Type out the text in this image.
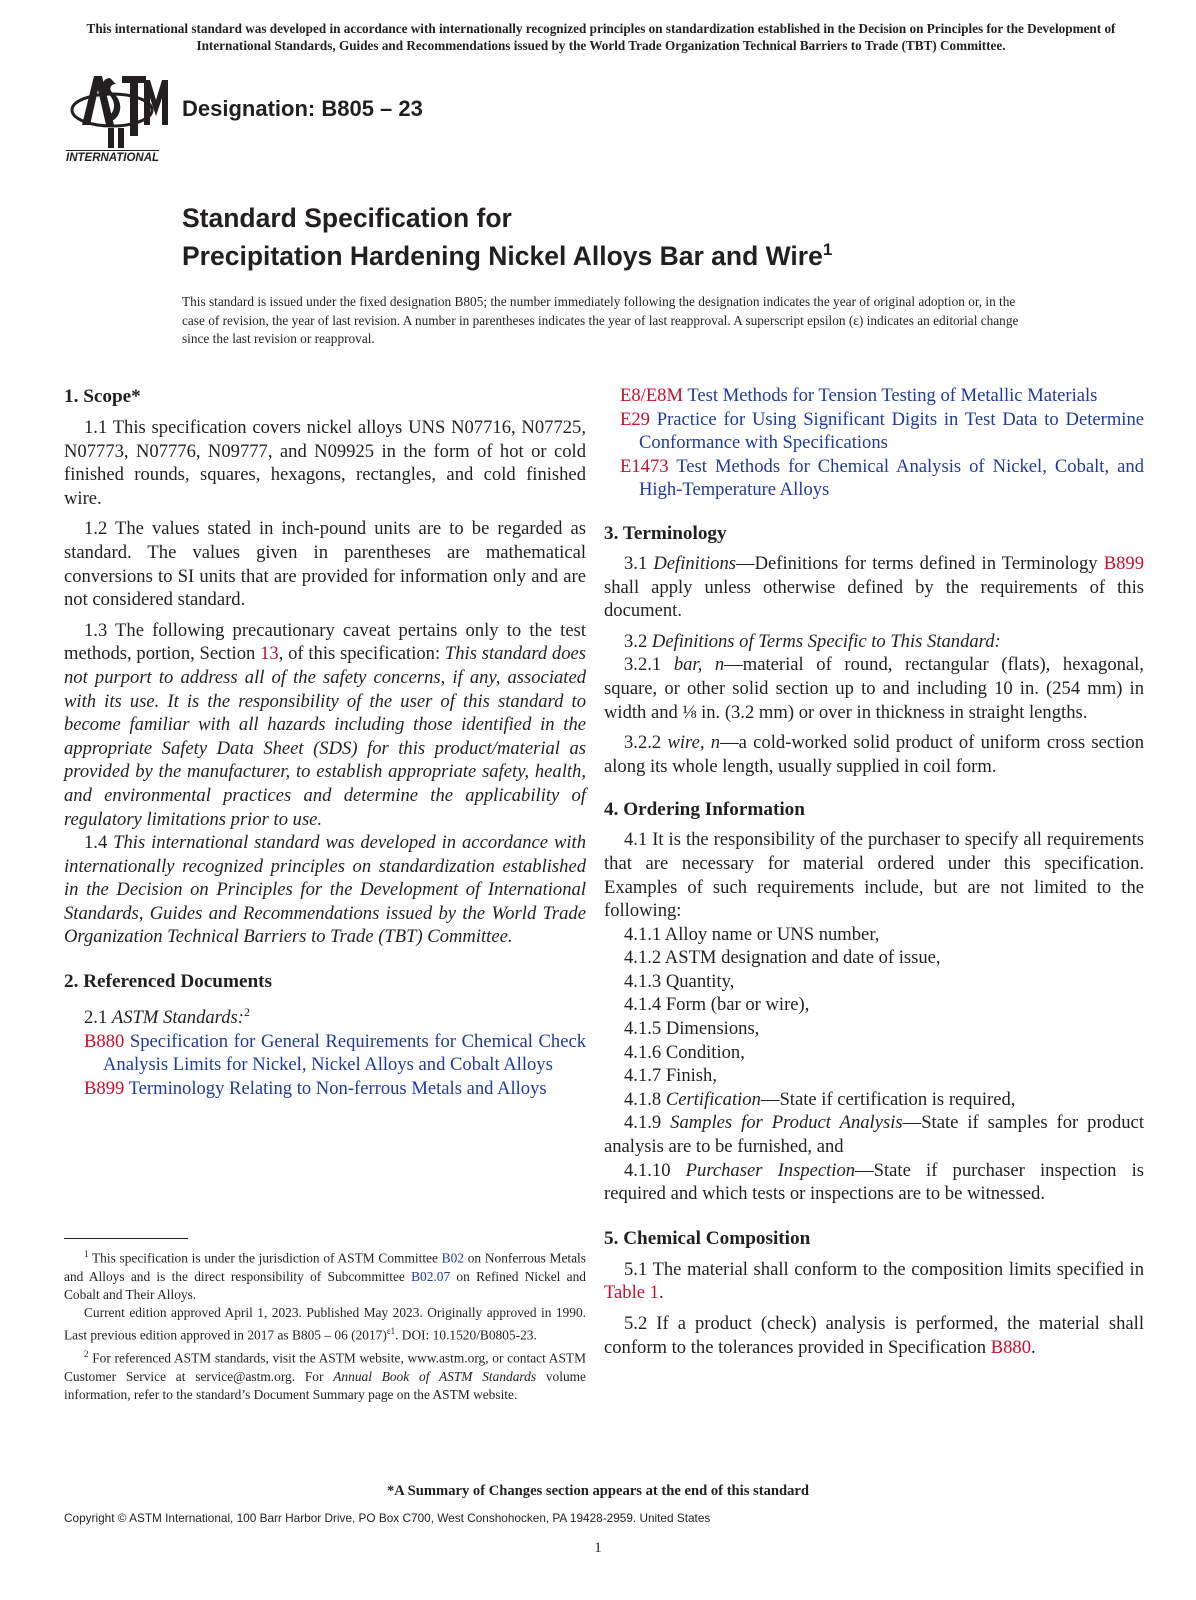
This international standard was developed in accordance with internationally recognized principles on standardization established in the Decision on Principles for the Development of International Standards, Guides and Recommendations issued by the World Trade Organization Technical Barriers to Trade (TBT) Committee.
INTERNATIONAL
Designation: B805 – 23
Standard Specification for
Precipitation Hardening Nickel Alloys Bar and Wire$^1$
This standard is issued under the fixed designation B805; the number immediately following the designation indicates the year of original adoption or, in the case of revision, the year of last revision. A number in parentheses indicates the year of last reapproval. A superscript epsilon (ε) indicates an editorial change since the last revision or reapproval.
1. Scope*

1.1 This specification covers nickel alloys UNS N07716, N07725, N07773, N07776, N09777, and N09925 in the form of hot or cold finished rounds, squares, hexagons, rectangles, and cold finished wire.

1.2 The values stated in inch-pound units are to be regarded as standard. The values given in parentheses are mathematical conversions to SI units that are provided for information only and are not considered standard.

1.3 The following precautionary caveat pertains only to the test methods, portion, Section 13, of this specification: This standard does not purport to address all of the safety concerns, if any, associated with its use. It is the responsibility of the user of this standard to become familiar with all hazards including those identified in the appropriate Safety Data Sheet (SDS) for this product/material as provided by the manufacturer, to establish appropriate safety, health, and environmental practices and determine the applicability of regulatory limitations prior to use.

1.4 This international standard was developed in accordance with internationally recognized principles on standardization established in the Decision on Principles for the Development of International Standards, Guides and Recommendations issued by the World Trade Organization Technical Barriers to Trade (TBT) Committee.

2. Referenced Documents

2.1 ASTM Standards:$^2$

B880 Specification for General Requirements for Chemical Check Analysis Limits for Nickel, Nickel Alloys and Cobalt Alloys

B899 Terminology Relating to Non-ferrous Metals and Alloys

E8/E8M Test Methods for Tension Testing of Metallic Materials

E29 Practice for Using Significant Digits in Test Data to Determine Conformance with Specifications

E1473 Test Methods for Chemical Analysis of Nickel, Cobalt, and High-Temperature Alloys

3. Terminology

3.1 Definitions—Definitions for terms defined in Terminology B899 shall apply unless otherwise defined by the requirements of this document.

3.2 Definitions of Terms Specific to This Standard:

3.2.1 bar, n—material of round, rectangular (flats), hexagonal, square, or other solid section up to and including 10 in. (254 mm) in width and ⅛ in. (3.2 mm) or over in thickness in straight lengths.

3.2.2 wire, n—a cold-worked solid product of uniform cross section along its whole length, usually supplied in coil form.

4. Ordering Information

4.1 It is the responsibility of the purchaser to specify all requirements that are necessary for material ordered under this specification. Examples of such requirements include, but are not limited to the following:

4.1.1 Alloy name or UNS number,

4.1.2 ASTM designation and date of issue,

4.1.3 Quantity,

4.1.4 Form (bar or wire),

4.1.5 Dimensions,

4.1.6 Condition,

4.1.7 Finish,

4.1.8 Certification—State if certification is required,

4.1.9 Samples for Product Analysis—State if samples for product analysis are to be furnished, and

4.1.10 Purchaser Inspection—State if purchaser inspection is required and which tests or inspections are to be witnessed.

5. Chemical Composition

5.1 The material shall conform to the composition limits specified in Table 1.

5.2 If a product (check) analysis is performed, the material shall conform to the tolerances provided in Specification B880.

$^1$ This specification is under the jurisdiction of ASTM Committee B02 on Nonferrous Metals and Alloys and is the direct responsibility of Subcommittee B02.07 on Refined Nickel and Cobalt and Their Alloys.

Current edition approved April 1, 2023. Published May 2023. Originally approved in 1990. Last previous edition approved in 2017 as B805 – 06 $(2017)^{\varepsilon 1}$. DOI: 10.1520/B0805-23.

$^2$ For referenced ASTM standards, visit the ASTM website, www.astm.org, or contact ASTM Customer Service at service@astm.org. For Annual Book of ASTM Standards volume information, refer to the standard’s Document Summary page on the ASTM website.

*A Summary of Changes section appears at the end of this standard
Copyright © ASTM International, 100 Barr Harbor Drive, PO Box C700, West Conshohocken, PA 19428-2959. United States
1
